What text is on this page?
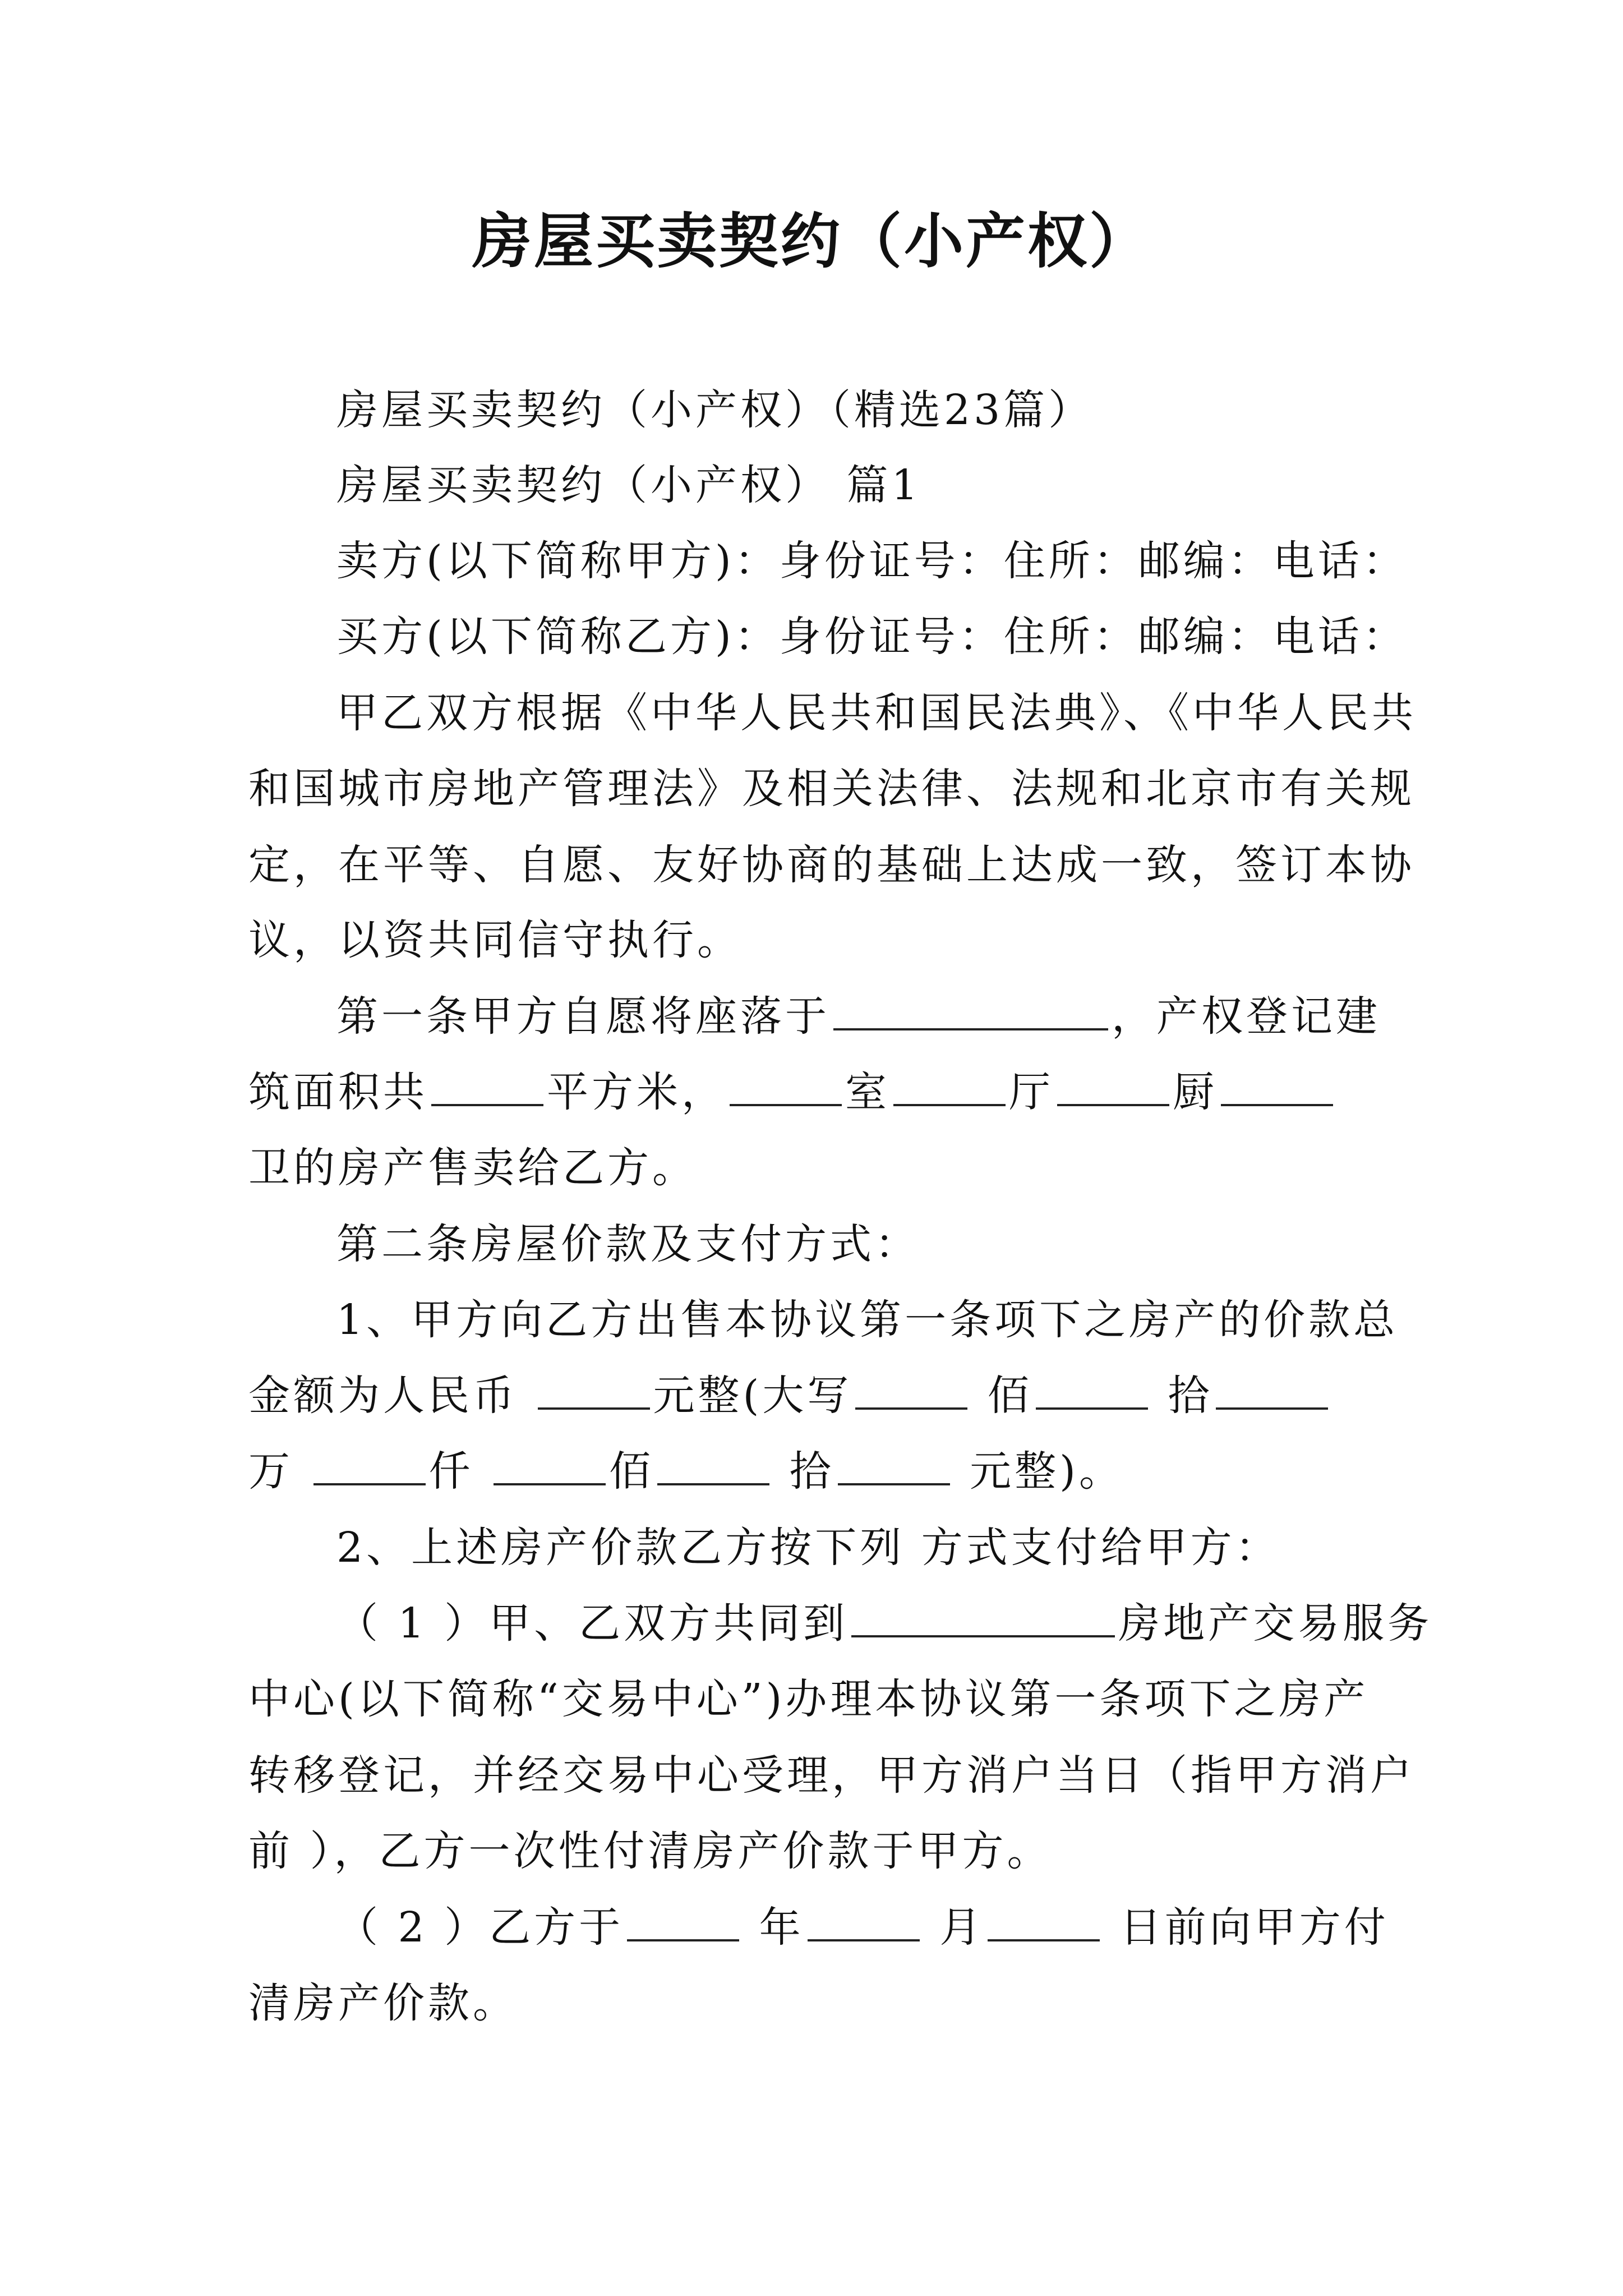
房屋买卖契约（小产权）
房屋买卖契约（小产权）（精选23篇）
房屋买卖契约（小产权） 篇1
卖方(以下简称甲方)：身份证号：住所：邮编：电话：
买方(以下简称乙方)：身份证号：住所：邮编：电话：
甲乙双方根据《中华人民共和国民法典》、《中华人民共
和国城市房地产管理法》及相关法律、法规和北京市有关规
定，在平等、自愿、友好协商的基础上达成一致，签订本协
议，以资共同信守执行。
第一条甲方自愿将座落于	，产权登记建
筑面积共	平方米，	室	厅	厨
卫的房产售卖给乙方。
第二条房屋价款及支付方式：
1、甲方向乙方出售本协议第一条项下之房产的价款总
金额为人民币	元整(大写	佰	拾
万	仟	佰	拾	元整)。
2、上述房产价款乙方按下列 方式支付给甲方：
（ 1 ）甲、乙双方共同到	房地产交易服务
中心(以下简称“交易中心”)办理本协议第一条项下之房产
转移登记，并经交易中心受理，甲方消户当日（指甲方消户
前 ），乙方一次性付清房产价款于甲方。
（ 2 ）乙方于	年	月	日前向甲方付
清房产价款。
